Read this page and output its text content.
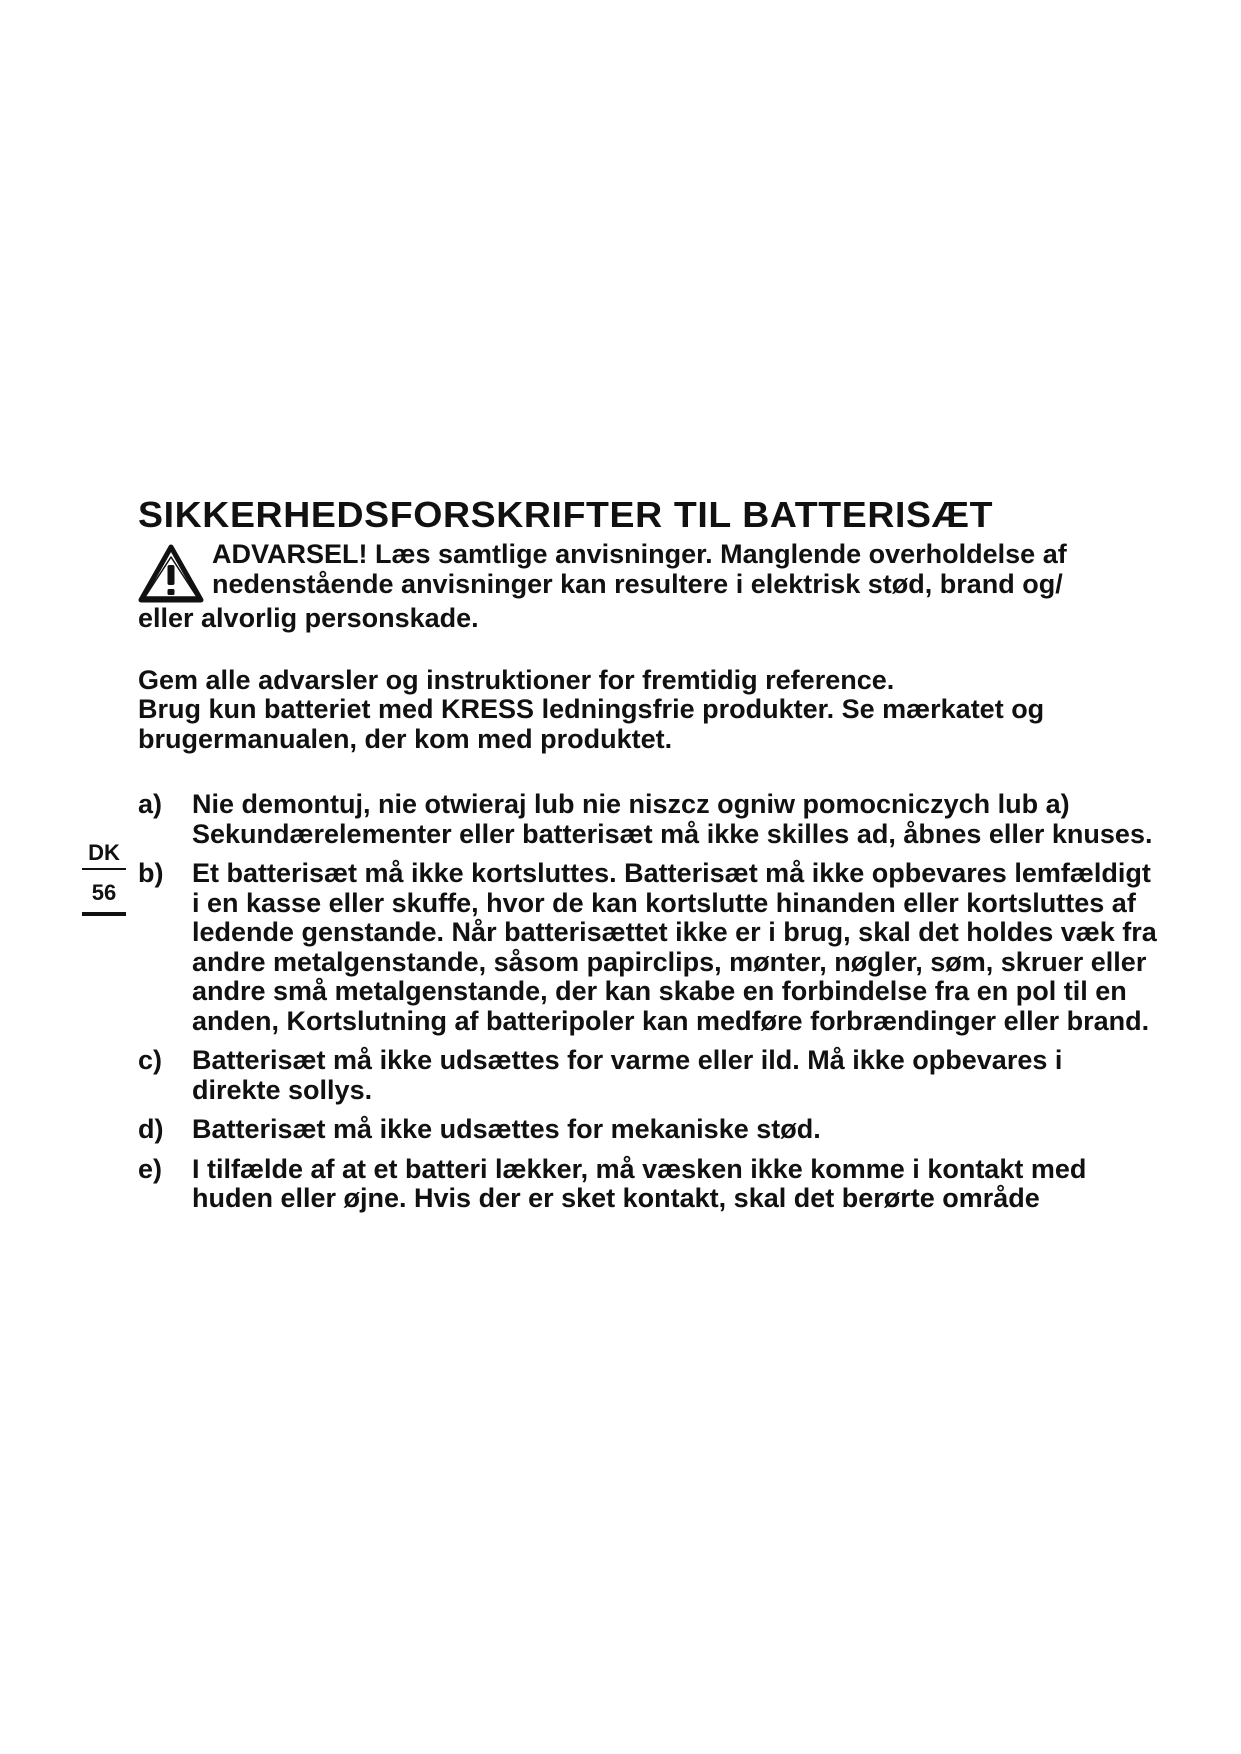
SIKKERHEDSFORSKRIFTER TIL BATTERISÆT

ADVARSEL! Læs samtlige anvisninger. Manglende overholdelse af

nedenstående anvisninger kan resultere i elektrisk stød, brand og/

eller alvorlig personskade.

Gem alle advarsler og instruktioner for fremtidig reference.

Brug kun batteriet med KRESS ledningsfrie produkter. Se mærkatet og

brugermanualen, der kom med produktet.

a)	Nie demontuj, nie otwieraj lub nie niszcz ogniw pomocniczych lub a) Sekundærelementer eller batterisæt må ikke skilles ad, åbnes eller knuses.
b)	Et batterisæt må ikke kortsluttes. Batterisæt må ikke opbevares lemfældigt i en kasse eller skuffe, hvor de kan kortslutte hinanden eller kortsluttes af ledende genstande. Når batterisættet ikke er i brug, skal det holdes væk fra andre metalgenstande, såsom papirclips, mønter, nøgler, søm, skruer eller andre små metalgenstande, der kan skabe en forbindelse fra en pol til en anden, Kortslutning af batteripoler kan medføre forbrændinger eller brand.
c)	Batterisæt må ikke udsættes for varme eller ild. Må ikke opbevares i direkte sollys.
d)	Batterisæt må ikke udsættes for mekaniske stød.
e)	I tilfælde af at et batteri lækker, må væsken ikke komme i kontakt med huden eller øjne. Hvis der er sket kontakt, skal det berørte område
DK
56
